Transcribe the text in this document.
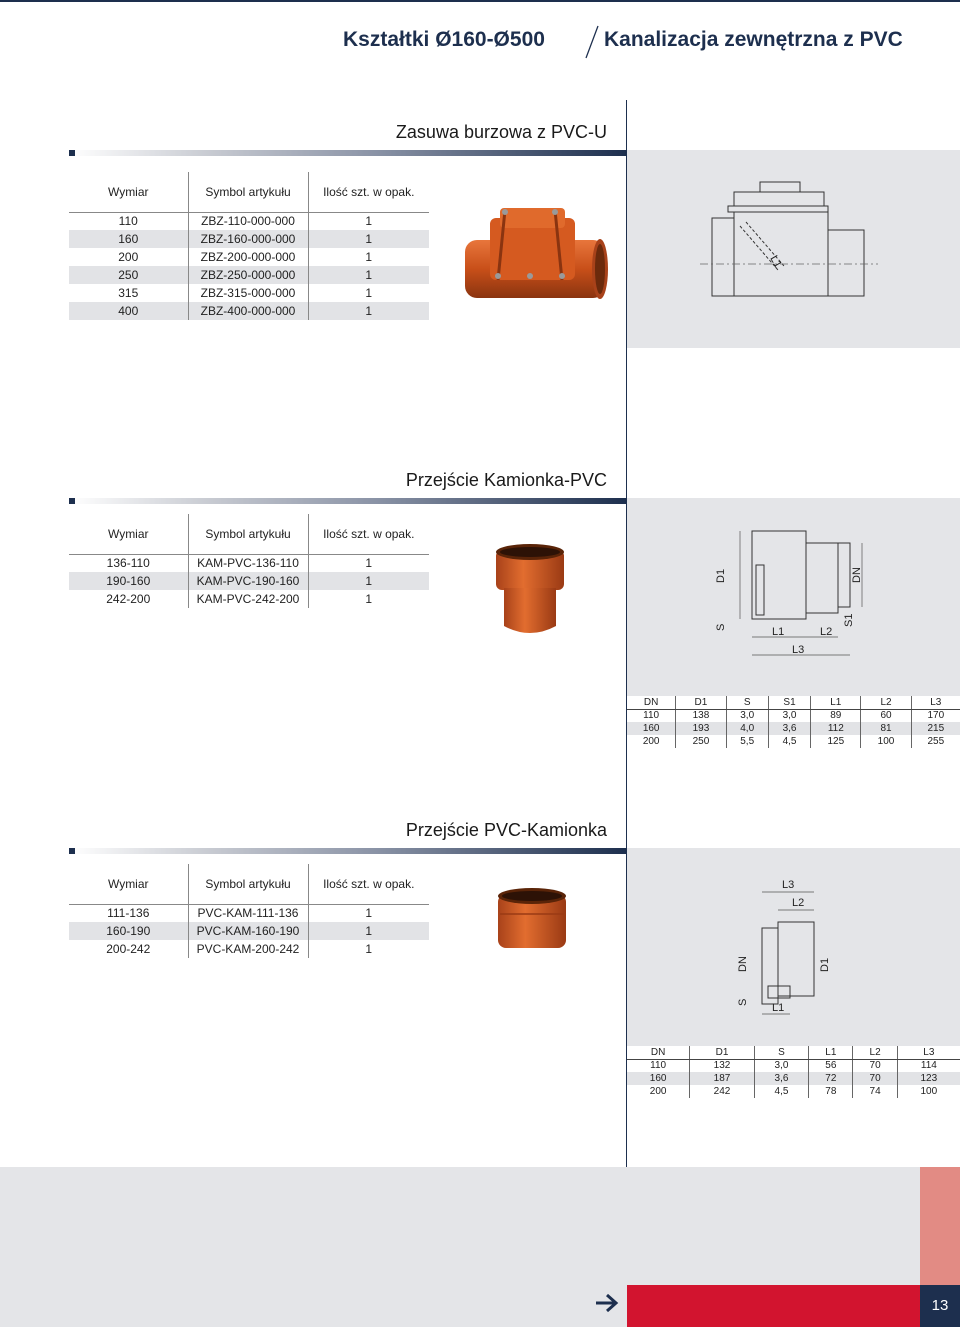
Kształtki Ø160-Ø500	Kanalizacja zewnętrzna z PVC
Zasuwa burzowa z PVC-U
Wymiar	Symbol artykułu	Ilość szt. w opak.
110	ZBZ-110-000-000	1
160	ZBZ-160-000-000	1
200	ZBZ-200-000-000	1
250	ZBZ-250-000-000	1
315	ZBZ-315-000-000	1
400	ZBZ-400-000-000	1
L1
Przejście Kamionka-PVC
Wymiar	Symbol artykułu	Ilość szt. w opak.
136-110	KAM-PVC-136-110	1
190-160	KAM-PVC-190-160	1
242-200	KAM-PVC-242-200	1
D1
S	L1	L2
L3
DN
S1
DN	D1	S	S1	L1	L2	L3
110	138	3,0	3,0	89	60	170
160	193	4,0	3,6	112	81	215
200	250	5,5	4,5	125	100	255
Przejście PVC-Kamionka
Wymiar	Symbol artykułu	Ilość szt. w opak.
111-136	PVC-KAM-111-136	1
160-190	PVC-KAM-160-190	1
200-242	PVC-KAM-200-242	1
L3
L2
DN	D1
S L1
DN	D1	S	L1	L2	L3
110	132	3,0	56	70	114
160	187	3,6	72	70	123
200	242	4,5	78	74	100
13
